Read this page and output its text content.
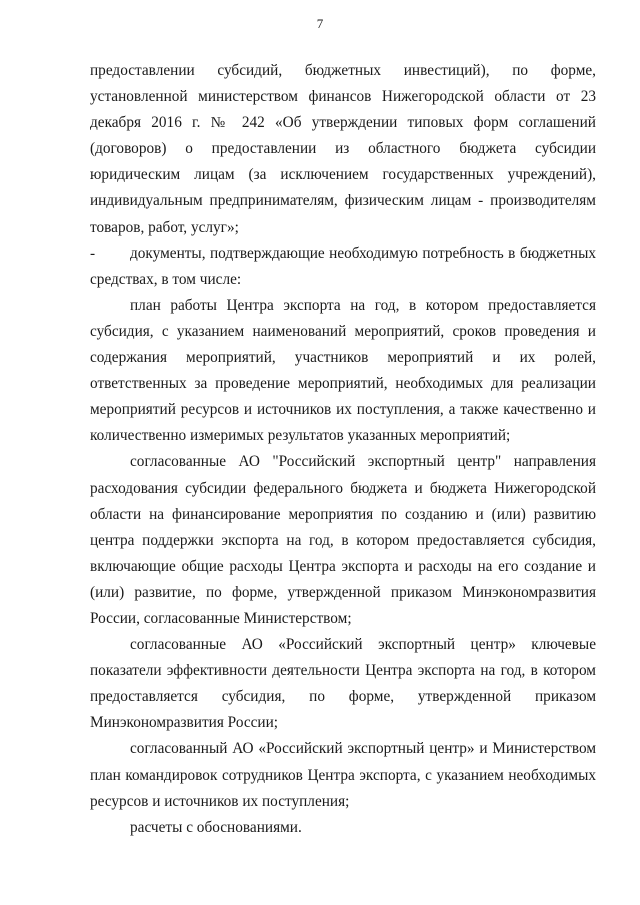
7

предоставлении субсидий, бюджетных инвестиций), по форме, установленной министерством финансов Нижегородской области от 23 декабря 2016 г. № 242 «Об утверждении типовых форм соглашений (договоров) о предоставлении из областного бюджета субсидии юридическим лицам (за исключением государственных учреждений), индивидуальным предпринимателям, физическим лицам - производителям товаров, работ, услуг»;

- документы, подтверждающие необходимую потребность в бюджетных средствах, в том числе:

план работы Центра экспорта на год, в котором предоставляется субсидия, с указанием наименований мероприятий, сроков проведения и содержания мероприятий, участников мероприятий и их ролей, ответственных за проведение мероприятий, необходимых для реализации мероприятий ресурсов и источников их поступления, а также качественно и количественно измеримых результатов указанных мероприятий;

согласованные АО "Российский экспортный центр" направления расходования субсидии федерального бюджета и бюджета Нижегородской области на финансирование мероприятия по созданию и (или) развитию центра поддержки экспорта на год, в котором предоставляется субсидия, включающие общие расходы Центра экспорта и расходы на его создание и (или) развитие, по форме, утвержденной приказом Минэкономразвития России, согласованные Министерством;

согласованные АО «Российский экспортный центр» ключевые показатели эффективности деятельности Центра экспорта на год, в котором предоставляется субсидия, по форме, утвержденной приказом Минэкономразвития России;

согласованный АО «Российский экспортный центр» и Министерством план командировок сотрудников Центра экспорта, с указанием необходимых ресурсов и источников их поступления;

расчеты с обоснованиями.
